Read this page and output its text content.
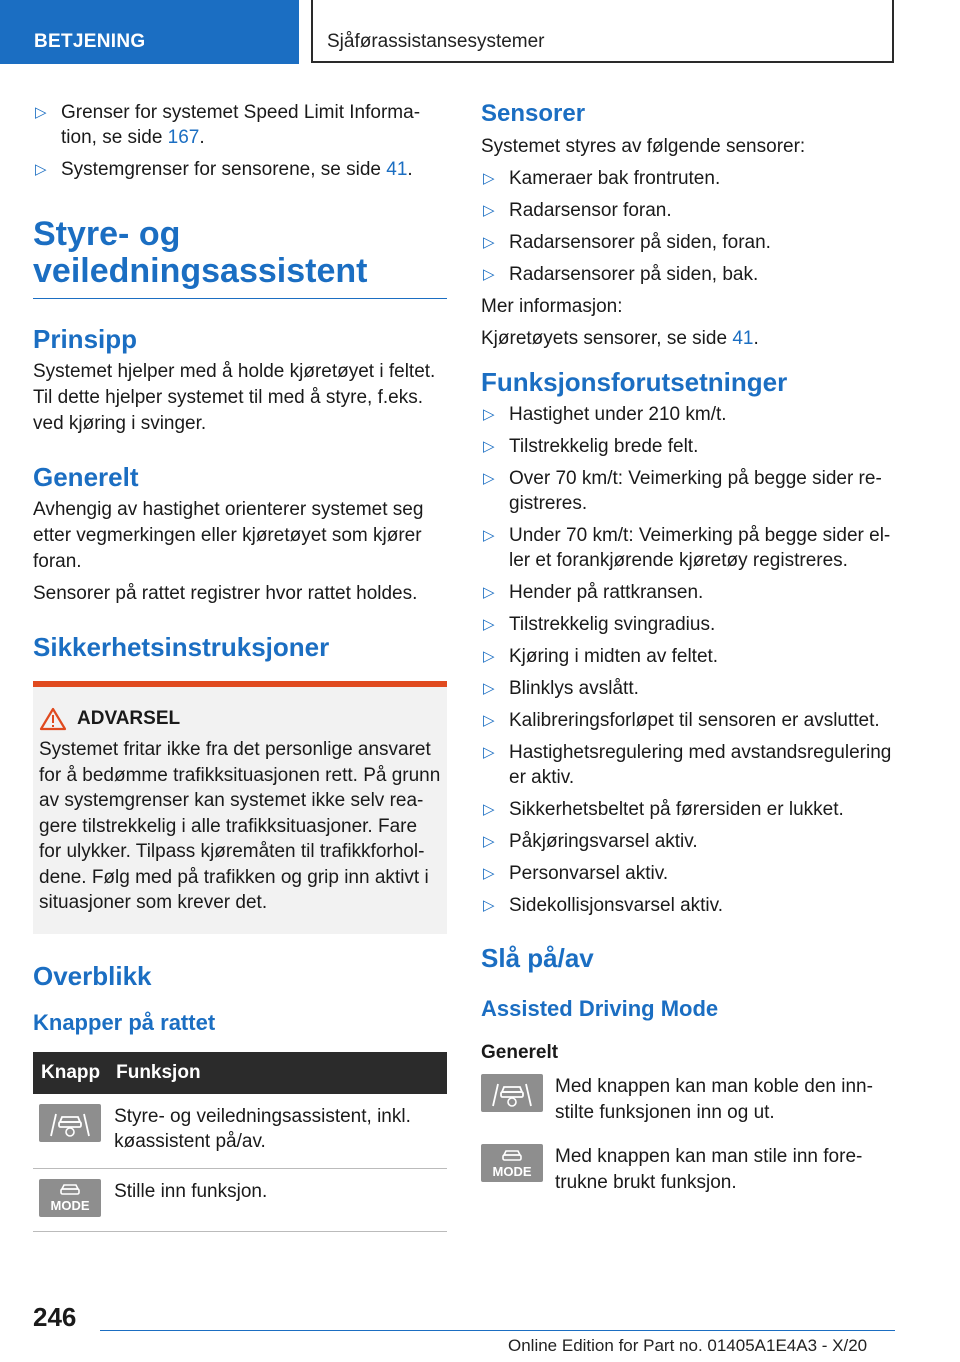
BETJENING	Sjåførassistansesystemer
▷ Grenser for systemet Speed Limit Informa-tion, se side 167.
▷ Systemgrenser for sensorene, se side 41.
Styre- og veiledningsassistent
Prinsipp

Systemet hjelper med å holde kjøretøyet i feltet. Til dette hjelper systemet til med å styre, f.eks. ved kjøring i svinger.

Generelt

Avhengig av hastighet orienterer systemet seg etter vegmerkingen eller kjøretøyet som kjører foran.

Sensorer på rattet registrer hvor rattet holdes.

Sikkerhetsinstruksjoner
ADVARSEL
Systemet fritar ikke fra det personlige ansvaret for å bedømme trafikksituasjonen rett. På grunn av systemgrenser kan systemet ikke selv rea-gere tilstrekkelig i alle trafikksituasjoner. Fare for ulykker. Tilpass kjøremåten til trafikkforhol-dene. Følg med på trafikken og grip inn aktivt i situasjoner som krever det.
Overblikk
Knapper på rattet
Knapp	Funksjon

	Styre- og veiledningsassistent, inkl. køassistent på/av.

MODE	Stille inn funksjon.
Sensorer

Systemet styres av følgende sensorer:

▷ Kameraer bak frontruten.
▷ Radarsensor foran.
▷ Radarsensorer på siden, foran.
▷ Radarsensorer på siden, bak.

Mer informasjon:

Kjøretøyets sensorer, se side 41.

Funksjonsforutsetninger
▷ Hastighet under 210 km/t.
▷ Tilstrekkelig brede felt.
▷ Over 70 km/t: Veimerking på begge sider re-gistreres.
▷ Under 70 km/t: Veimerking på begge sider el-ler et forankjørende kjøretøy registreres.
▷ Hender på rattkransen.
▷ Tilstrekkelig svingradius.
▷ Kjøring i midten av feltet.
▷ Blinklys avslått.
▷ Kalibreringsforløpet til sensoren er avsluttet.
▷ Hastighetsregulering med avstandsregulering er aktiv.
▷ Sikkerhetsbeltet på førersiden er lukket.
▷ Påkjøringsvarsel aktiv.
▷ Personvarsel aktiv.
▷ Sidekollisjonsvarsel aktiv.
Slå på/av
Assisted Driving Mode
Generelt
Med knappen kan man koble den inn-stilte funksjonen inn og ut.
MODE
Med knappen kan man stile inn fore-trukne brukt funksjon.
246
Online Edition for Part no. 01405A1E4A3 - X/20
